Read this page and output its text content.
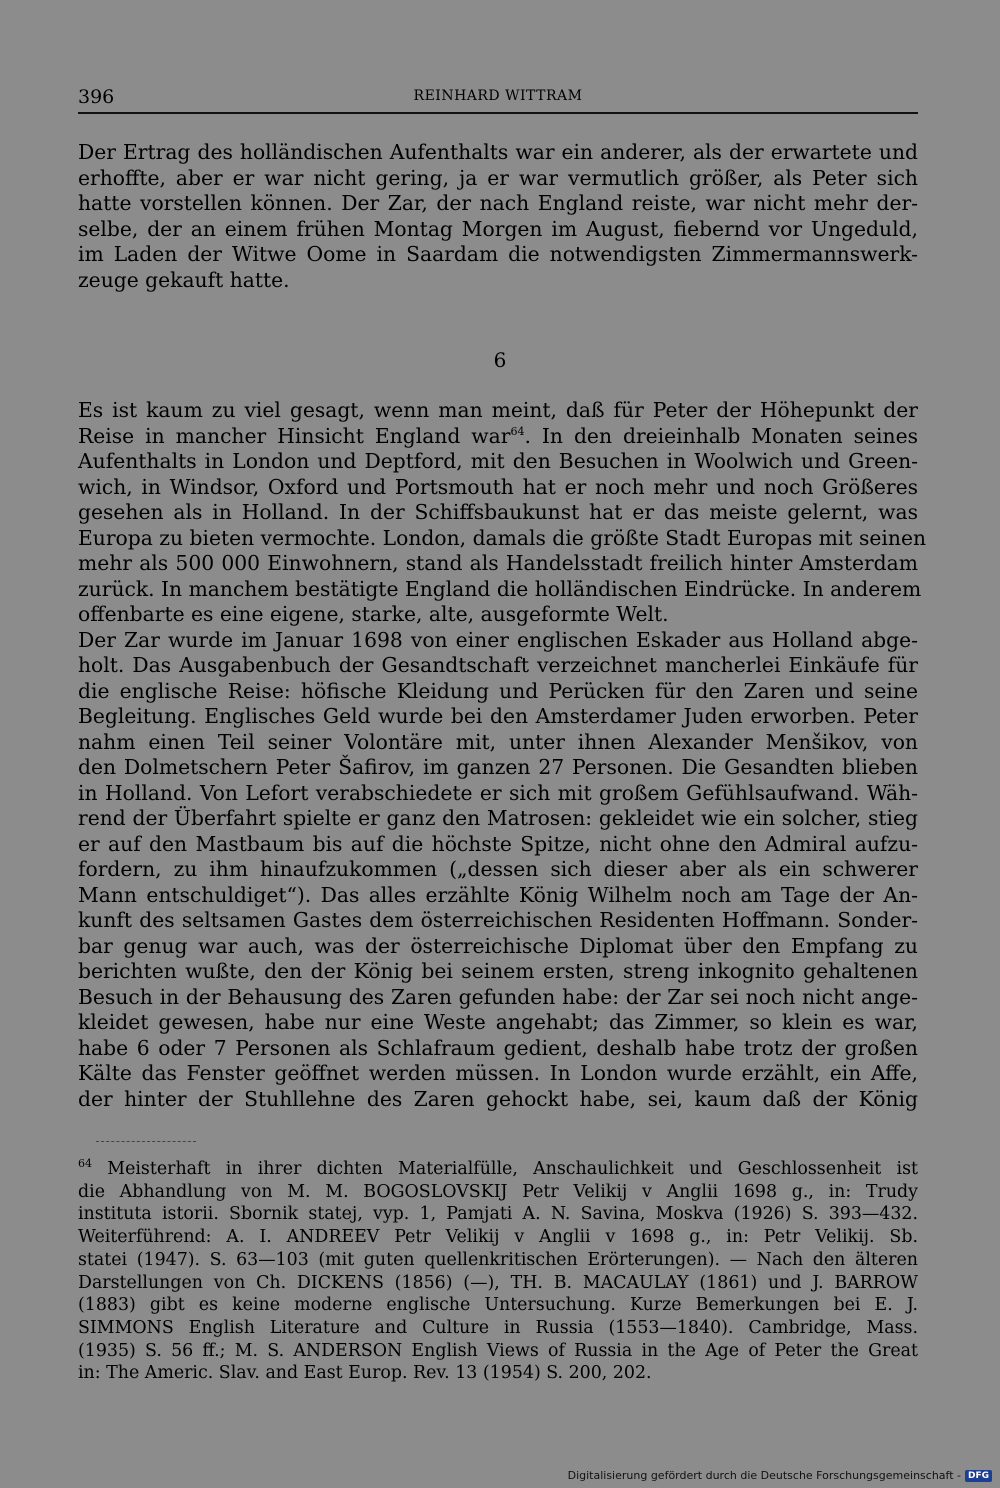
396	REINHARD WITTRAM
Der Ertrag des holländischen Aufenthalts war ein anderer, als der erwartete und
erhoffte, aber er war nicht gering, ja er war vermutlich größer, als Peter sich
hatte vorstellen können. Der Zar, der nach England reiste, war nicht mehr der-
selbe, der an einem frühen Montag Morgen im August, fiebernd vor Ungeduld,
im Laden der Witwe Oome in Saardam die notwendigsten Zimmermannswerk-
zeuge gekauft hatte.
6
Es ist kaum zu viel gesagt, wenn man meint, daß für Peter der Höhepunkt der
Reise in mancher Hinsicht England war$^{64}$. In den dreieinhalb Monaten seines
Aufenthalts in London und Deptford, mit den Besuchen in Woolwich und Green-
wich, in Windsor, Oxford und Portsmouth hat er noch mehr und noch Größeres
gesehen als in Holland. In der Schiffsbaukunst hat er das meiste gelernt, was
Europa zu bieten vermochte. London, damals die größte Stadt Europas mit seinen
mehr als 500 000 Einwohnern, stand als Handelsstadt freilich hinter Amsterdam
zurück. In manchem bestätigte England die holländischen Eindrücke. In anderem
offenbarte es eine eigene, starke, alte, ausgeformte Welt.
Der Zar wurde im Januar 1698 von einer englischen Eskader aus Holland abge-
holt. Das Ausgabenbuch der Gesandtschaft verzeichnet mancherlei Einkäufe für
die englische Reise: höfische Kleidung und Perücken für den Zaren und seine
Begleitung. Englisches Geld wurde bei den Amsterdamer Juden erworben. Peter
nahm einen Teil seiner Volontäre mit, unter ihnen Alexander Menšikov, von
den Dolmetschern Peter Šafirov, im ganzen 27 Personen. Die Gesandten blieben
in Holland. Von Lefort verabschiedete er sich mit großem Gefühlsaufwand. Wäh-
rend der Überfahrt spielte er ganz den Matrosen: gekleidet wie ein solcher, stieg
er auf den Mastbaum bis auf die höchste Spitze, nicht ohne den Admiral aufzu-
fordern, zu ihm hinaufzukommen („dessen sich dieser aber als ein schwerer
Mann entschuldiget“). Das alles erzählte König Wilhelm noch am Tage der An-
kunft des seltsamen Gastes dem österreichischen Residenten Hoffmann. Sonder-
bar genug war auch, was der österreichische Diplomat über den Empfang zu
berichten wußte, den der König bei seinem ersten, streng inkognito gehaltenen
Besuch in der Behausung des Zaren gefunden habe: der Zar sei noch nicht ange-
kleidet gewesen, habe nur eine Weste angehabt; das Zimmer, so klein es war,
habe 6 oder 7 Personen als Schlafraum gedient, deshalb habe trotz der großen
Kälte das Fenster geöffnet werden müssen. In London wurde erzählt, ein Affe,
der hinter der Stuhllehne des Zaren gehockt habe, sei, kaum daß der König
$^{64}$ Meisterhaft in ihrer dichten Materialfülle, Anschaulichkeit und Geschlossenheit ist
die Abhandlung von M. M. BOGOSLOVSKIJ Petr Velikij v Anglii 1698 g., in: Trudy
instituta istorii. Sbornik statej, vyp. 1, Pamjati A. N. Savina, Moskva (1926) S. 393—432.
Weiterführend: A. I. ANDREEV Petr Velikij v Anglii v 1698 g., in: Petr Velikij. Sb.
statei (1947). S. 63—103 (mit guten quellenkritischen Erörterungen). — Nach den älteren
Darstellungen von Ch. DICKENS (1856) (—), TH. B. MACAULAY (1861) und J. BARROW
(1883) gibt es keine moderne englische Untersuchung. Kurze Bemerkungen bei E. J.
SIMMONS English Literature and Culture in Russia (1553—1840). Cambridge, Mass.
(1935) S. 56 ff.; M. S. ANDERSON English Views of Russia in the Age of Peter the Great
in: The Americ. Slav. and East Europ. Rev. 13 (1954) S. 200, 202.
Digitalisierung gefördert durch die Deutsche Forschungsgemeinschaft - DFG
